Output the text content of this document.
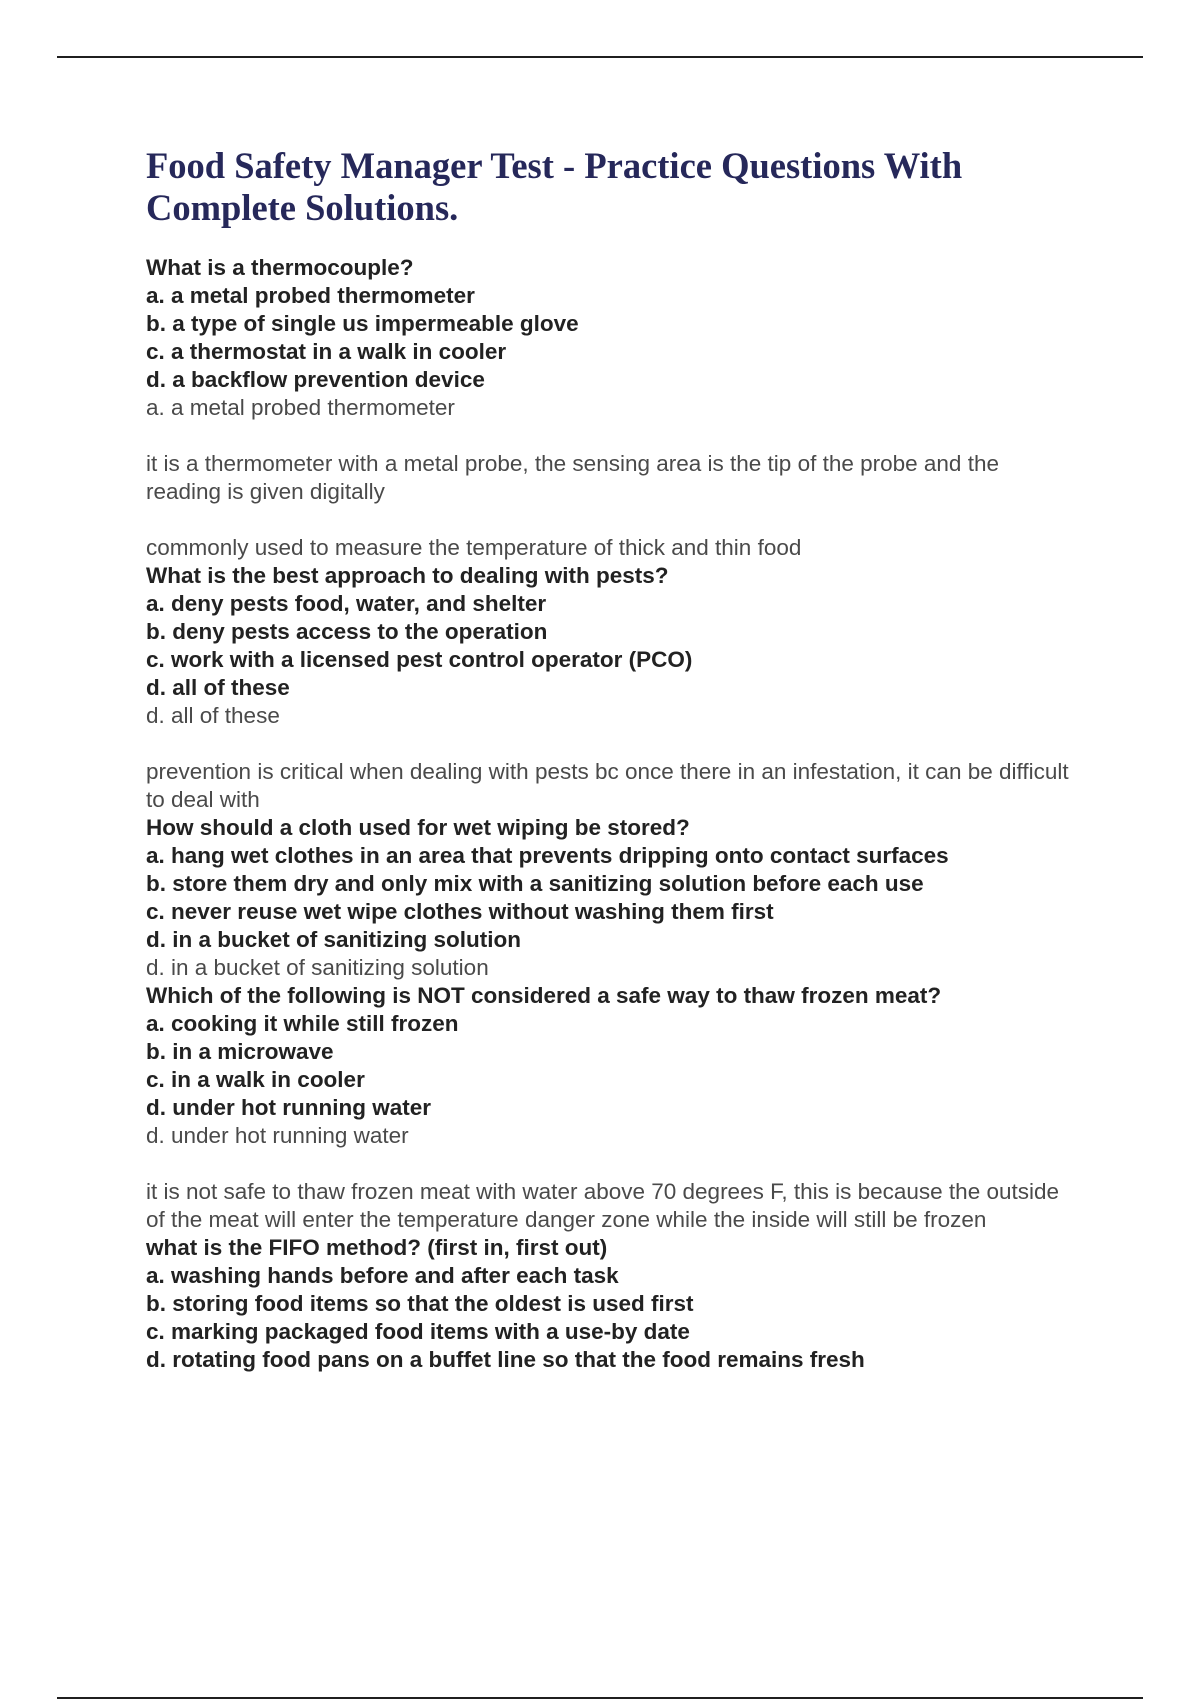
Food Safety Manager Test - Practice Questions With Complete Solutions.

What is a thermocouple?

a. a metal probed thermometer

b. a type of single us impermeable glove

c. a thermostat in a walk in cooler

d. a backflow prevention device

a. a metal probed thermometer

it is a thermometer with a metal probe, the sensing area is the tip of the probe and the reading is given digitally

commonly used to measure the temperature of thick and thin food

What is the best approach to dealing with pests?

a. deny pests food, water, and shelter

b. deny pests access to the operation

c. work with a licensed pest control operator (PCO)

d. all of these

d. all of these

prevention is critical when dealing with pests bc once there in an infestation, it can be difficult to deal with

How should a cloth used for wet wiping be stored?

a. hang wet clothes in an area that prevents dripping onto contact surfaces

b. store them dry and only mix with a sanitizing solution before each use

c. never reuse wet wipe clothes without washing them first

d. in a bucket of sanitizing solution

d. in a bucket of sanitizing solution

Which of the following is NOT considered a safe way to thaw frozen meat?

a. cooking it while still frozen

b. in a microwave

c. in a walk in cooler

d. under hot running water

d. under hot running water

it is not safe to thaw frozen meat with water above 70 degrees F, this is because the outside of the meat will enter the temperature danger zone while the inside will still be frozen

what is the FIFO method? (first in, first out)

a. washing hands before and after each task

b. storing food items so that the oldest is used first

c. marking packaged food items with a use-by date

d. rotating food pans on a buffet line so that the food remains fresh
